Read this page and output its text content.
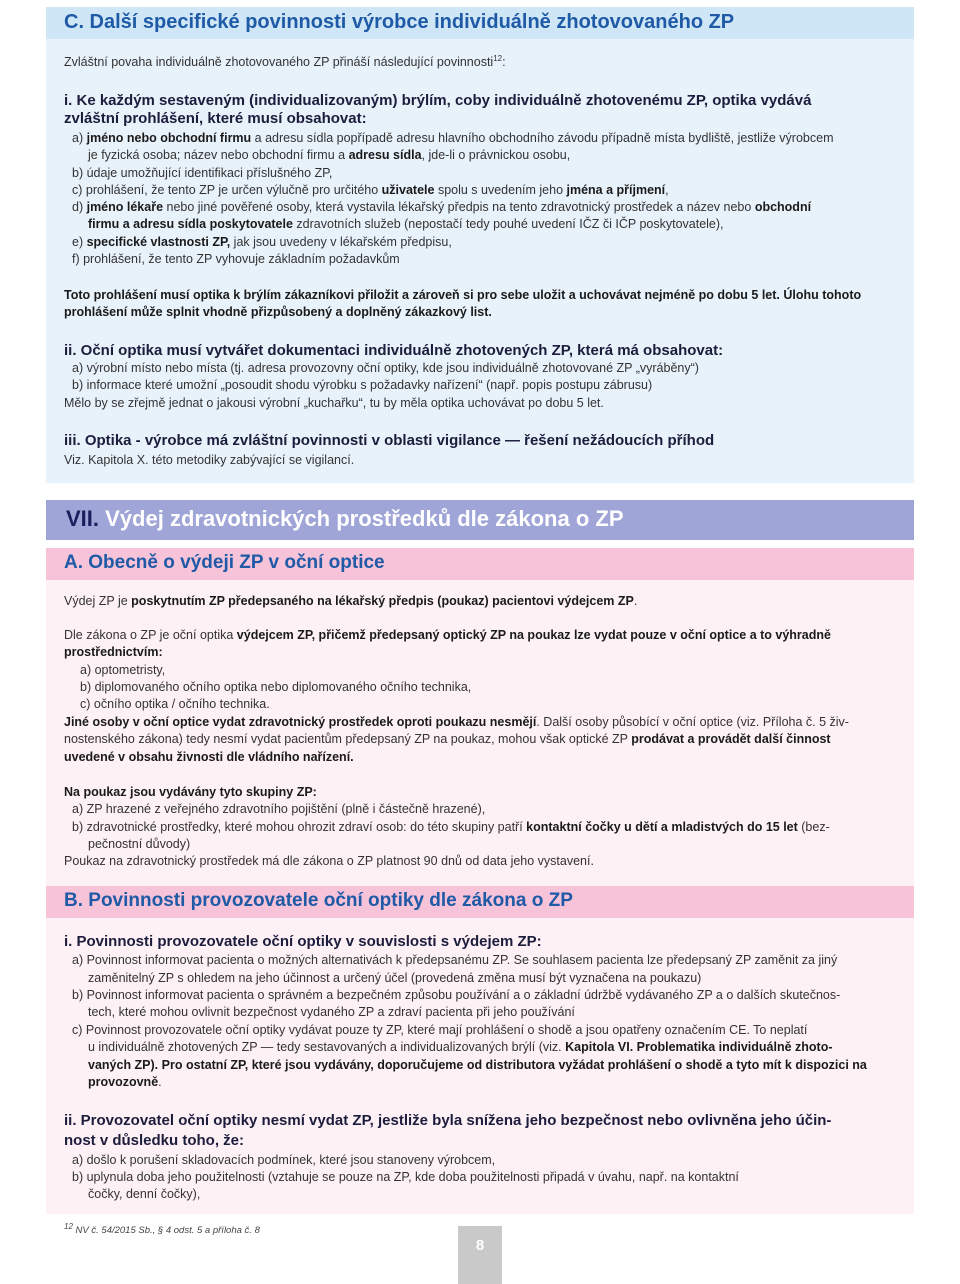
C. Další specifické povinnosti výrobce individuálně zhotovovaného ZP
Zvláštní povaha individuálně zhotovovaného ZP přináší následující povinnosti$^{12}$:
i. Ke každým sestaveným (individualizovaným) brýlím, coby individuálně zhotovenému ZP, optika vydává
zvláštní prohlášení, které musí obsahovat:
a) jméno nebo obchodní firmu a adresu sídla popřípadě adresu hlavního obchodního závodu případně místa bydliště, jestliže výrobcem
je fyzická osoba; název nebo obchodní firmu a adresu sídla, jde-li o právnickou osobu,
b) údaje umožňující identifikaci příslušného ZP,
c) prohlášení, že tento ZP je určen výlučně pro určitého uživatele spolu s uvedením jeho jména a příjmení,
d) jméno lékaře nebo jiné pověřené osoby, která vystavila lékařský předpis na tento zdravotnický prostředek a název nebo obchodní
firmu a adresu sídla poskytovatele zdravotních služeb (nepostačí tedy pouhé uvedení IČZ či IČP poskytovatele),
e) specifické vlastnosti ZP, jak jsou uvedeny v lékařském předpisu,
f) prohlášení, že tento ZP vyhovuje základním požadavkům
Toto prohlášení musí optika k brýlím zákazníkovi přiložit a zároveň si pro sebe uložit a uchovávat nejméně po dobu 5 let. Úlohu tohoto
prohlášení může splnit vhodně přizpůsobený a doplněný zákazkový list.
ii. Oční optika musí vytvářet dokumentaci individuálně zhotovených ZP, která má obsahovat:
a) výrobní místo nebo místa (tj. adresa provozovny oční optiky, kde jsou individuálně zhotovované ZP „vyráběny“)
b) informace které umožní „posoudit shodu výrobku s požadavky nařízení“ (např. popis postupu zábrusu)
Mělo by se zřejmě jednat o jakousi výrobní „kuchařku“, tu by měla optika uchovávat po dobu 5 let.
iii. Optika - výrobce má zvláštní povinnosti v oblasti vigilance — řešení nežádoucích příhod
Viz. Kapitola X. této metodiky zabývající se vigilancí.
VII. Výdej zdravotnických prostředků dle zákona o ZP
A. Obecně o výdeji ZP v oční optice
Výdej ZP je poskytnutím ZP předepsaného na lékařský předpis (poukaz) pacientovi výdejcem ZP.
Dle zákona o ZP je oční optika výdejcem ZP, přičemž předepsaný optický ZP na poukaz lze vydat pouze v oční optice a to výhradně
prostřednictvím:
a) optometristy,
b) diplomovaného očního optika nebo diplomovaného očního technika,
c) očního optika / očního technika.
Jiné osoby v oční optice vydat zdravotnický prostředek oproti poukazu nesmějí. Další osoby působící v oční optice (viz. Příloha č. 5 živ-
nostenského zákona) tedy nesmí vydat pacientům předepsaný ZP na poukaz, mohou však optické ZP prodávat a provádět další činnost
uvedené v obsahu živnosti dle vládního nařízení.
Na poukaz jsou vydávány tyto skupiny ZP:
a) ZP hrazené z veřejného zdravotního pojištění (plně i částečně hrazené),
b) zdravotnické prostředky, které mohou ohrozit zdraví osob: do této skupiny patří kontaktní čočky u dětí a mladistvých do 15 let (bez-
pečnostní důvody)
Poukaz na zdravotnický prostředek má dle zákona o ZP platnost 90 dnů od data jeho vystavení.
B. Povinnosti provozovatele oční optiky dle zákona o ZP
i. Povinnosti provozovatele oční optiky v souvislosti s výdejem ZP:
a) Povinnost informovat pacienta o možných alternativách k předepsanému ZP. Se souhlasem pacienta lze předepsaný ZP zaměnit za jiný
zaměnitelný ZP s ohledem na jeho účinnost a určený účel (provedená změna musí být vyznačena na poukazu)
b) Povinnost informovat pacienta o správném a bezpečném způsobu používání a o základní údržbě vydávaného ZP a o dalších skutečnos-
tech, které mohou ovlivnit bezpečnost vydaného ZP a zdraví pacienta při jeho používání
c) Povinnost provozovatele oční optiky vydávat pouze ty ZP, které mají prohlášení o shodě a jsou opatřeny označením CE. To neplatí
u individuálně zhotovených ZP — tedy sestavovaných a individualizovaných brýlí (viz. Kapitola VI. Problematika individuálně zhoto-
vaných ZP). Pro ostatní ZP, které jsou vydávány, doporučujeme od distributora vyžádat prohlášení o shodě a tyto mít k dispozici na
provozovně.
ii. Provozovatel oční optiky nesmí vydat ZP, jestliže byla snížena jeho bezpečnost nebo ovlivněna jeho účin-
nost v důsledku toho, že:
a) došlo k porušení skladovacích podmínek, které jsou stanoveny výrobcem,
b) uplynula doba jeho použitelnosti (vztahuje se pouze na ZP, kde doba použitelnosti připadá v úvahu, např. na kontaktní
čočky, denní čočky),
$^{12}$ NV č. 54/2015 Sb., § 4 odst. 5 a příloha č. 8
8
